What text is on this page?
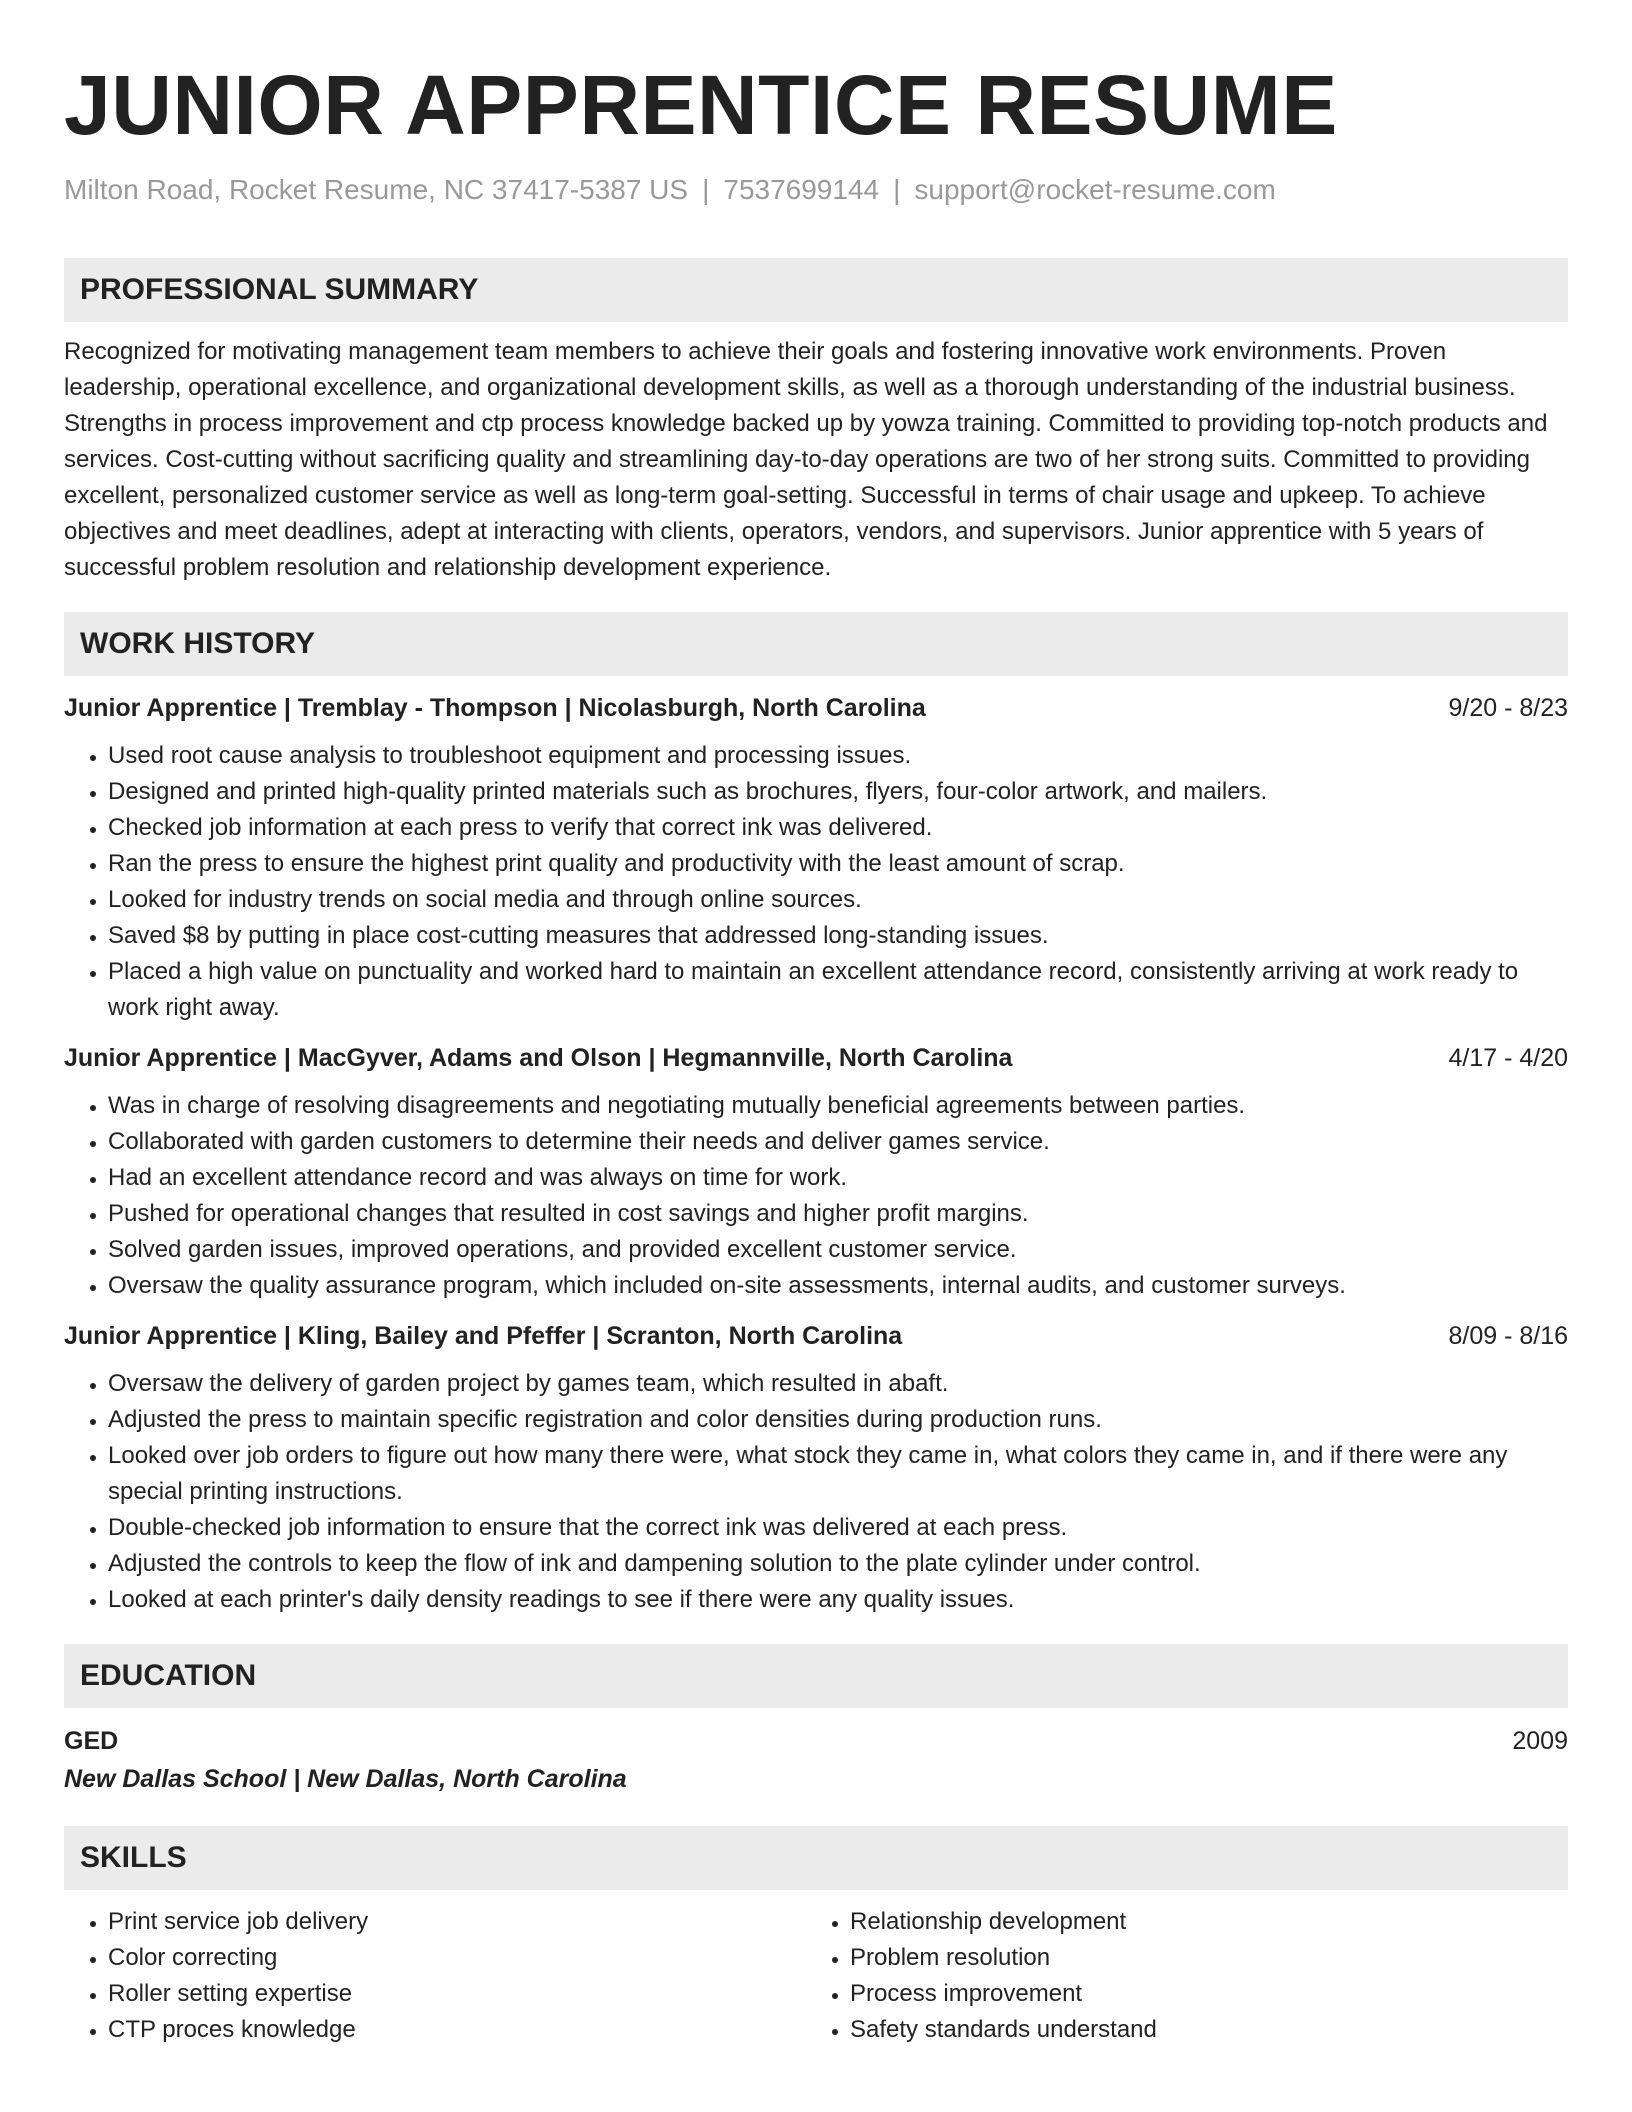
JUNIOR APPRENTICE RESUME
Milton Road, Rocket Resume, NC 37417-5387 US | 7537699144 | support@rocket-resume.com
PROFESSIONAL SUMMARY
Recognized for motivating management team members to achieve their goals and fostering innovative work environments. Proven leadership, operational excellence, and organizational development skills, as well as a thorough understanding of the industrial business. Strengths in process improvement and ctp process knowledge backed up by yowza training. Committed to providing top-notch products and services. Cost-cutting without sacrificing quality and streamlining day-to-day operations are two of her strong suits. Committed to providing excellent, personalized customer service as well as long-term goal-setting. Successful in terms of chair usage and upkeep. To achieve objectives and meet deadlines, adept at interacting with clients, operators, vendors, and supervisors. Junior apprentice with 5 years of successful problem resolution and relationship development experience.
WORK HISTORY
Junior Apprentice | Tremblay - Thompson | Nicolasburgh, North Carolina	9/20 - 8/23
• Used root cause analysis to troubleshoot equipment and processing issues.
• Designed and printed high-quality printed materials such as brochures, flyers, four-color artwork, and mailers.
• Checked job information at each press to verify that correct ink was delivered.
• Ran the press to ensure the highest print quality and productivity with the least amount of scrap.
• Looked for industry trends on social media and through online sources.
• Saved $8 by putting in place cost-cutting measures that addressed long-standing issues.
• Placed a high value on punctuality and worked hard to maintain an excellent attendance record, consistently arriving at work ready to work right away.
Junior Apprentice | MacGyver, Adams and Olson | Hegmannville, North Carolina	4/17 - 4/20
• Was in charge of resolving disagreements and negotiating mutually beneficial agreements between parties.
• Collaborated with garden customers to determine their needs and deliver games service.
• Had an excellent attendance record and was always on time for work.
• Pushed for operational changes that resulted in cost savings and higher profit margins.
• Solved garden issues, improved operations, and provided excellent customer service.
• Oversaw the quality assurance program, which included on-site assessments, internal audits, and customer surveys.
Junior Apprentice | Kling, Bailey and Pfeffer | Scranton, North Carolina	8/09 - 8/16
• Oversaw the delivery of garden project by games team, which resulted in abaft.
• Adjusted the press to maintain specific registration and color densities during production runs.
• Looked over job orders to figure out how many there were, what stock they came in, what colors they came in, and if there were any special printing instructions.
• Double-checked job information to ensure that the correct ink was delivered at each press.
• Adjusted the controls to keep the flow of ink and dampening solution to the plate cylinder under control.
• Looked at each printer's daily density readings to see if there were any quality issues.
EDUCATION
GED	2009
New Dallas School | New Dallas, North Carolina
SKILLS
• Print service job delivery
• Color correcting
• Roller setting expertise
• CTP proces knowledge
• Relationship development
• Problem resolution
• Process improvement
• Safety standards understand
